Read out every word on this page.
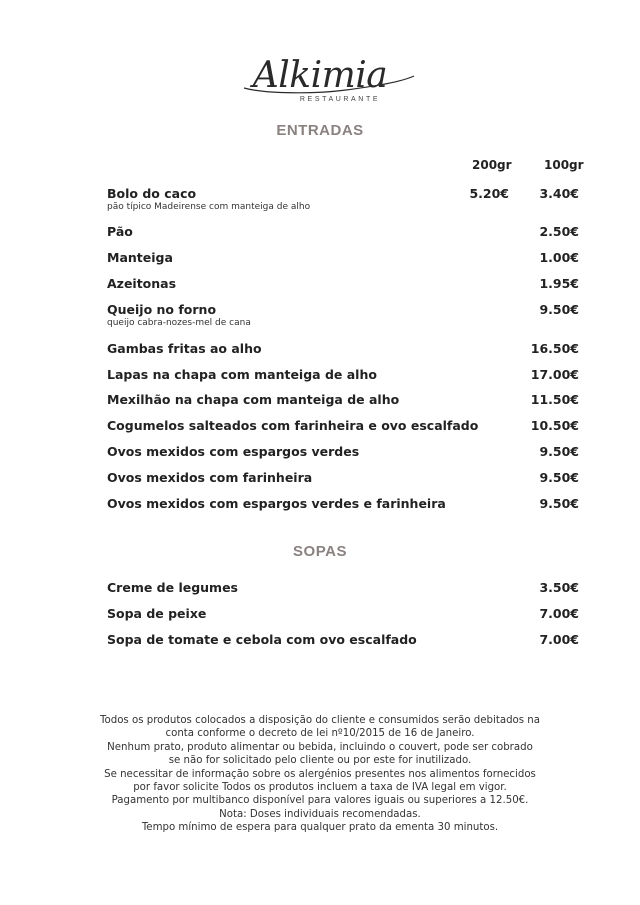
Alkimia
RESTAURANTE
ENTRADAS
200gr	100gr
Bolo do caco
pão típico Madeirense com manteiga de alho
5.20€ 3.40€
Pão	2.50€
Manteiga	1.00€
Azeitonas	1.95€
Queijo no forno
queijo cabra-nozes-mel de cana
9.50€
Gambas fritas ao alho	16.50€
Lapas na chapa com manteiga de alho	17.00€
Mexilhão na chapa com manteiga de alho	11.50€
Cogumelos salteados com farinheira e ovo escalfado	10.50€
Ovos mexidos com espargos verdes	9.50€
Ovos mexidos com farinheira	9.50€
Ovos mexidos com espargos verdes e farinheira	9.50€
SOPAS
Creme de legumes	3.50€
Sopa de peixe	7.00€
Sopa de tomate e cebola com ovo escalfado	7.00€

Todos os produtos colocados a disposição do cliente e consumidos serão debitados na conta conforme o decreto de lei nº10/2015 de 16 de Janeiro.

Nenhum prato, produto alimentar ou bebida, incluindo o couvert, pode ser cobrado se não for solicitado pelo cliente ou por este for inutilizado.

Se necessitar de informação sobre os alergénios presentes nos alimentos fornecidos por favor solicite Todos os produtos incluem a taxa de IVA legal em vigor.

Pagamento por multibanco disponível para valores iguais ou superiores a 12.50€.

Nota: Doses individuais recomendadas.

Tempo mínimo de espera para qualquer prato da ementa 30 minutos.
